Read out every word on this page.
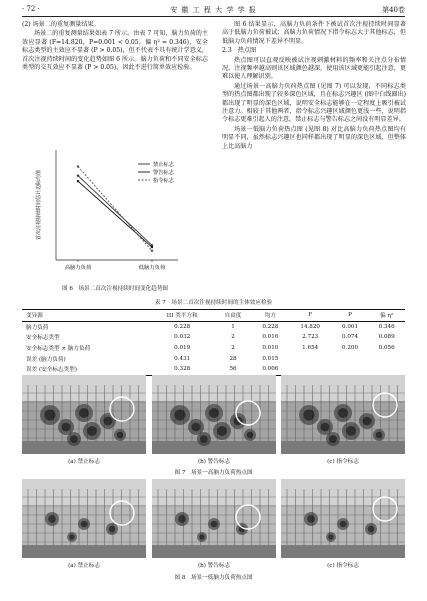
· 72 ·	安 徽 工 程 大 学 学 报	第40卷

(2) 场景二的重复测量结果。

场景二的重复测量结果如表 7 所示。由表 7 可知，脑力负荷的主效应显著 (F=14.820，P=0.001 < 0.05，偏 η² = 0.346)，安全标志类型的主效应不显著 (P > 0.05)，但不代表不具有统计学意义，首次注视持续时间的变化趋势如图 6 所示。脑力负荷和不同安全标志类型的交互效应不显著 (P > 0.05)，因此不进行简单效应检验。

首次注视持续时间估计边际均值
高脑力负荷	低脑力负荷
禁止标志
警告标志
指令标志
图 6　场景二首次注视持续时间变化趋势图

图 6 结果显示，高脑力负荷条件下被试首次注视持续时间显著高于低脑力负荷被试；高脑力负荷情况下指令标志大于其他标志，但低脑力负荷情况下差异不明显。

2.3　热点图

热点图可以直观反映被试注视刺激材料的频率和关注点分布情况。注视频率越高则该区域颜色越深，使用该区域更能引起注意，更难以使人理解识别。

通过场景一高脑力负荷热点图 (见图 7) 可以发现，不同标志类型的热点图都出现了较多深色区域，且在标志兴趣区 (图中白线圈出) 都出现了明显的深色区域，说明安全标志能够在一定程度上吸引被试注意力。相较于其他两者，指令标志兴趣区域颜色更浅一些，说明指令标志更难引起人的注意。禁止标志与警告标志之间没有明显差异。

场景一低脑力负荷热点图 (见图 8) 对比高脑力负荷热点图均有明显不同，虽然标志兴趣区也同样都出现了明显的深色区域，但整体上比高脑力

表 7　场景二首次注视持续时间的主体效应检验
变异源	III 类平方和	自由度	均方	F	P	偏 η²
脑力负荷	0.228	1	0.228	14.820	0.001	0.346
安全标志类型	0.032	2	0.016	2.723	0.074	0.089
安全标志类型 × 脑力负荷	0.019	2	0.010	1.654	0.200	0.056
误差 (脑力负荷)	0.431	28	0.015			
误差 (安全标志类型)	0.328	56	0.006			
(a) 禁止标志	(b) 警告标志	(c) 指令标志
图 7　场景一高脑力负荷热点图
(a) 禁止标志	(b) 警告标志	(c) 指令标志
图 8　场景一低脑力负荷热点图
